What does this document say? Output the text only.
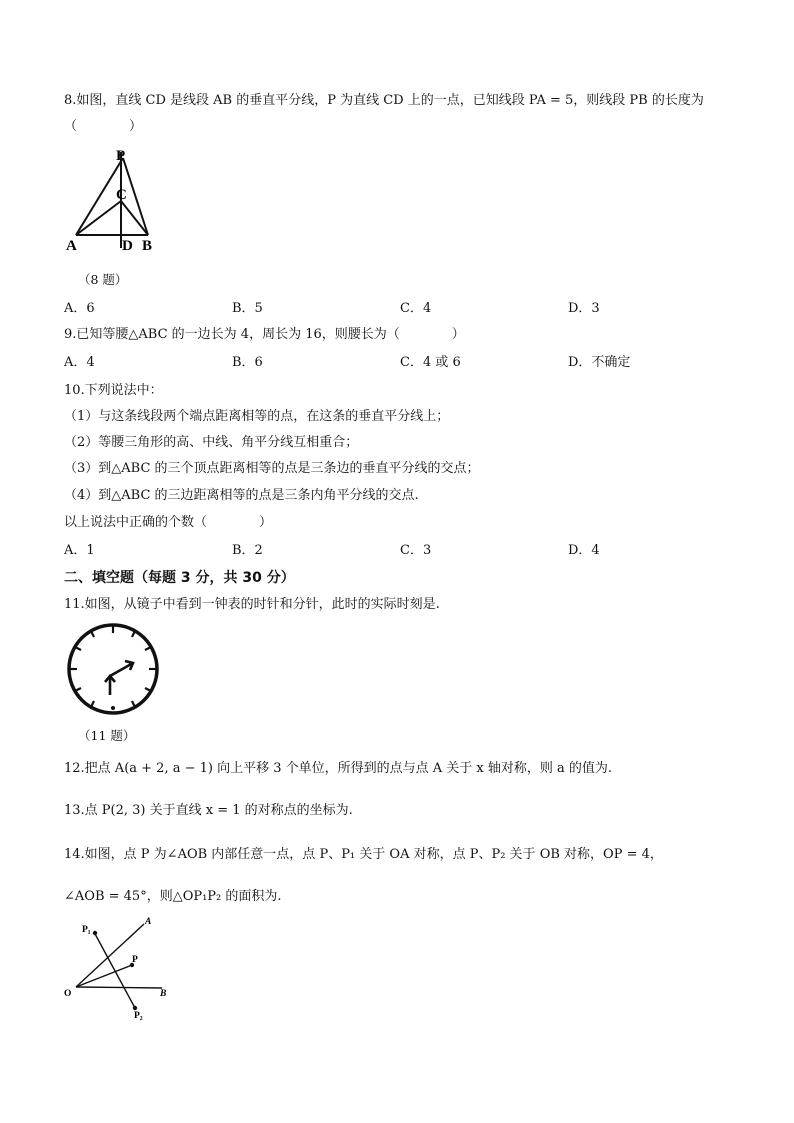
8.如图，直线 CD 是线段 AB 的垂直平分线，P 为直线 CD 上的一点，已知线段 PA = 5，则线段 PB 的长度为
（　　　　）
P
C
A	D B
（8 题）
A．6	B．5	C．4	D．3
9.已知等腰△ABC 的一边长为 4，周长为 16，则腰长为（　　　　）
A．4	B．6	C．4 或 6	D．不确定
10.下列说法中：
（1）与这条线段两个端点距离相等的点，在这条的垂直平分线上；
（2）等腰三角形的高、中线、角平分线互相重合；
（3）到△ABC 的三个顶点距离相等的点是三条边的垂直平分线的交点；
（4）到△ABC 的三边距离相等的点是三条内角平分线的交点.
以上说法中正确的个数（　　　　）
A．1	B．2	C．3	D．4
二、填空题（每题 3 分，共 30 分）
11.如图，从镜子中看到一钟表的时针和分针，此时的实际时刻是.
（11 题）
12.把点 A(a + 2, a − 1) 向上平移 3 个单位，所得到的点与点 A 关于 x 轴对称，则 a 的值为.
13.点 P(2, 3) 关于直线 x = 1 的对称点的坐标为.
14.如图，点 P 为∠AOB 内部任意一点，点 P、P₁ 关于 OA 对称，点 P、P₂ 关于 OB 对称，OP = 4，
∠AOB = 45°，则△OP₁P₂ 的面积为.
P₁
A
P
O	B
P₂
